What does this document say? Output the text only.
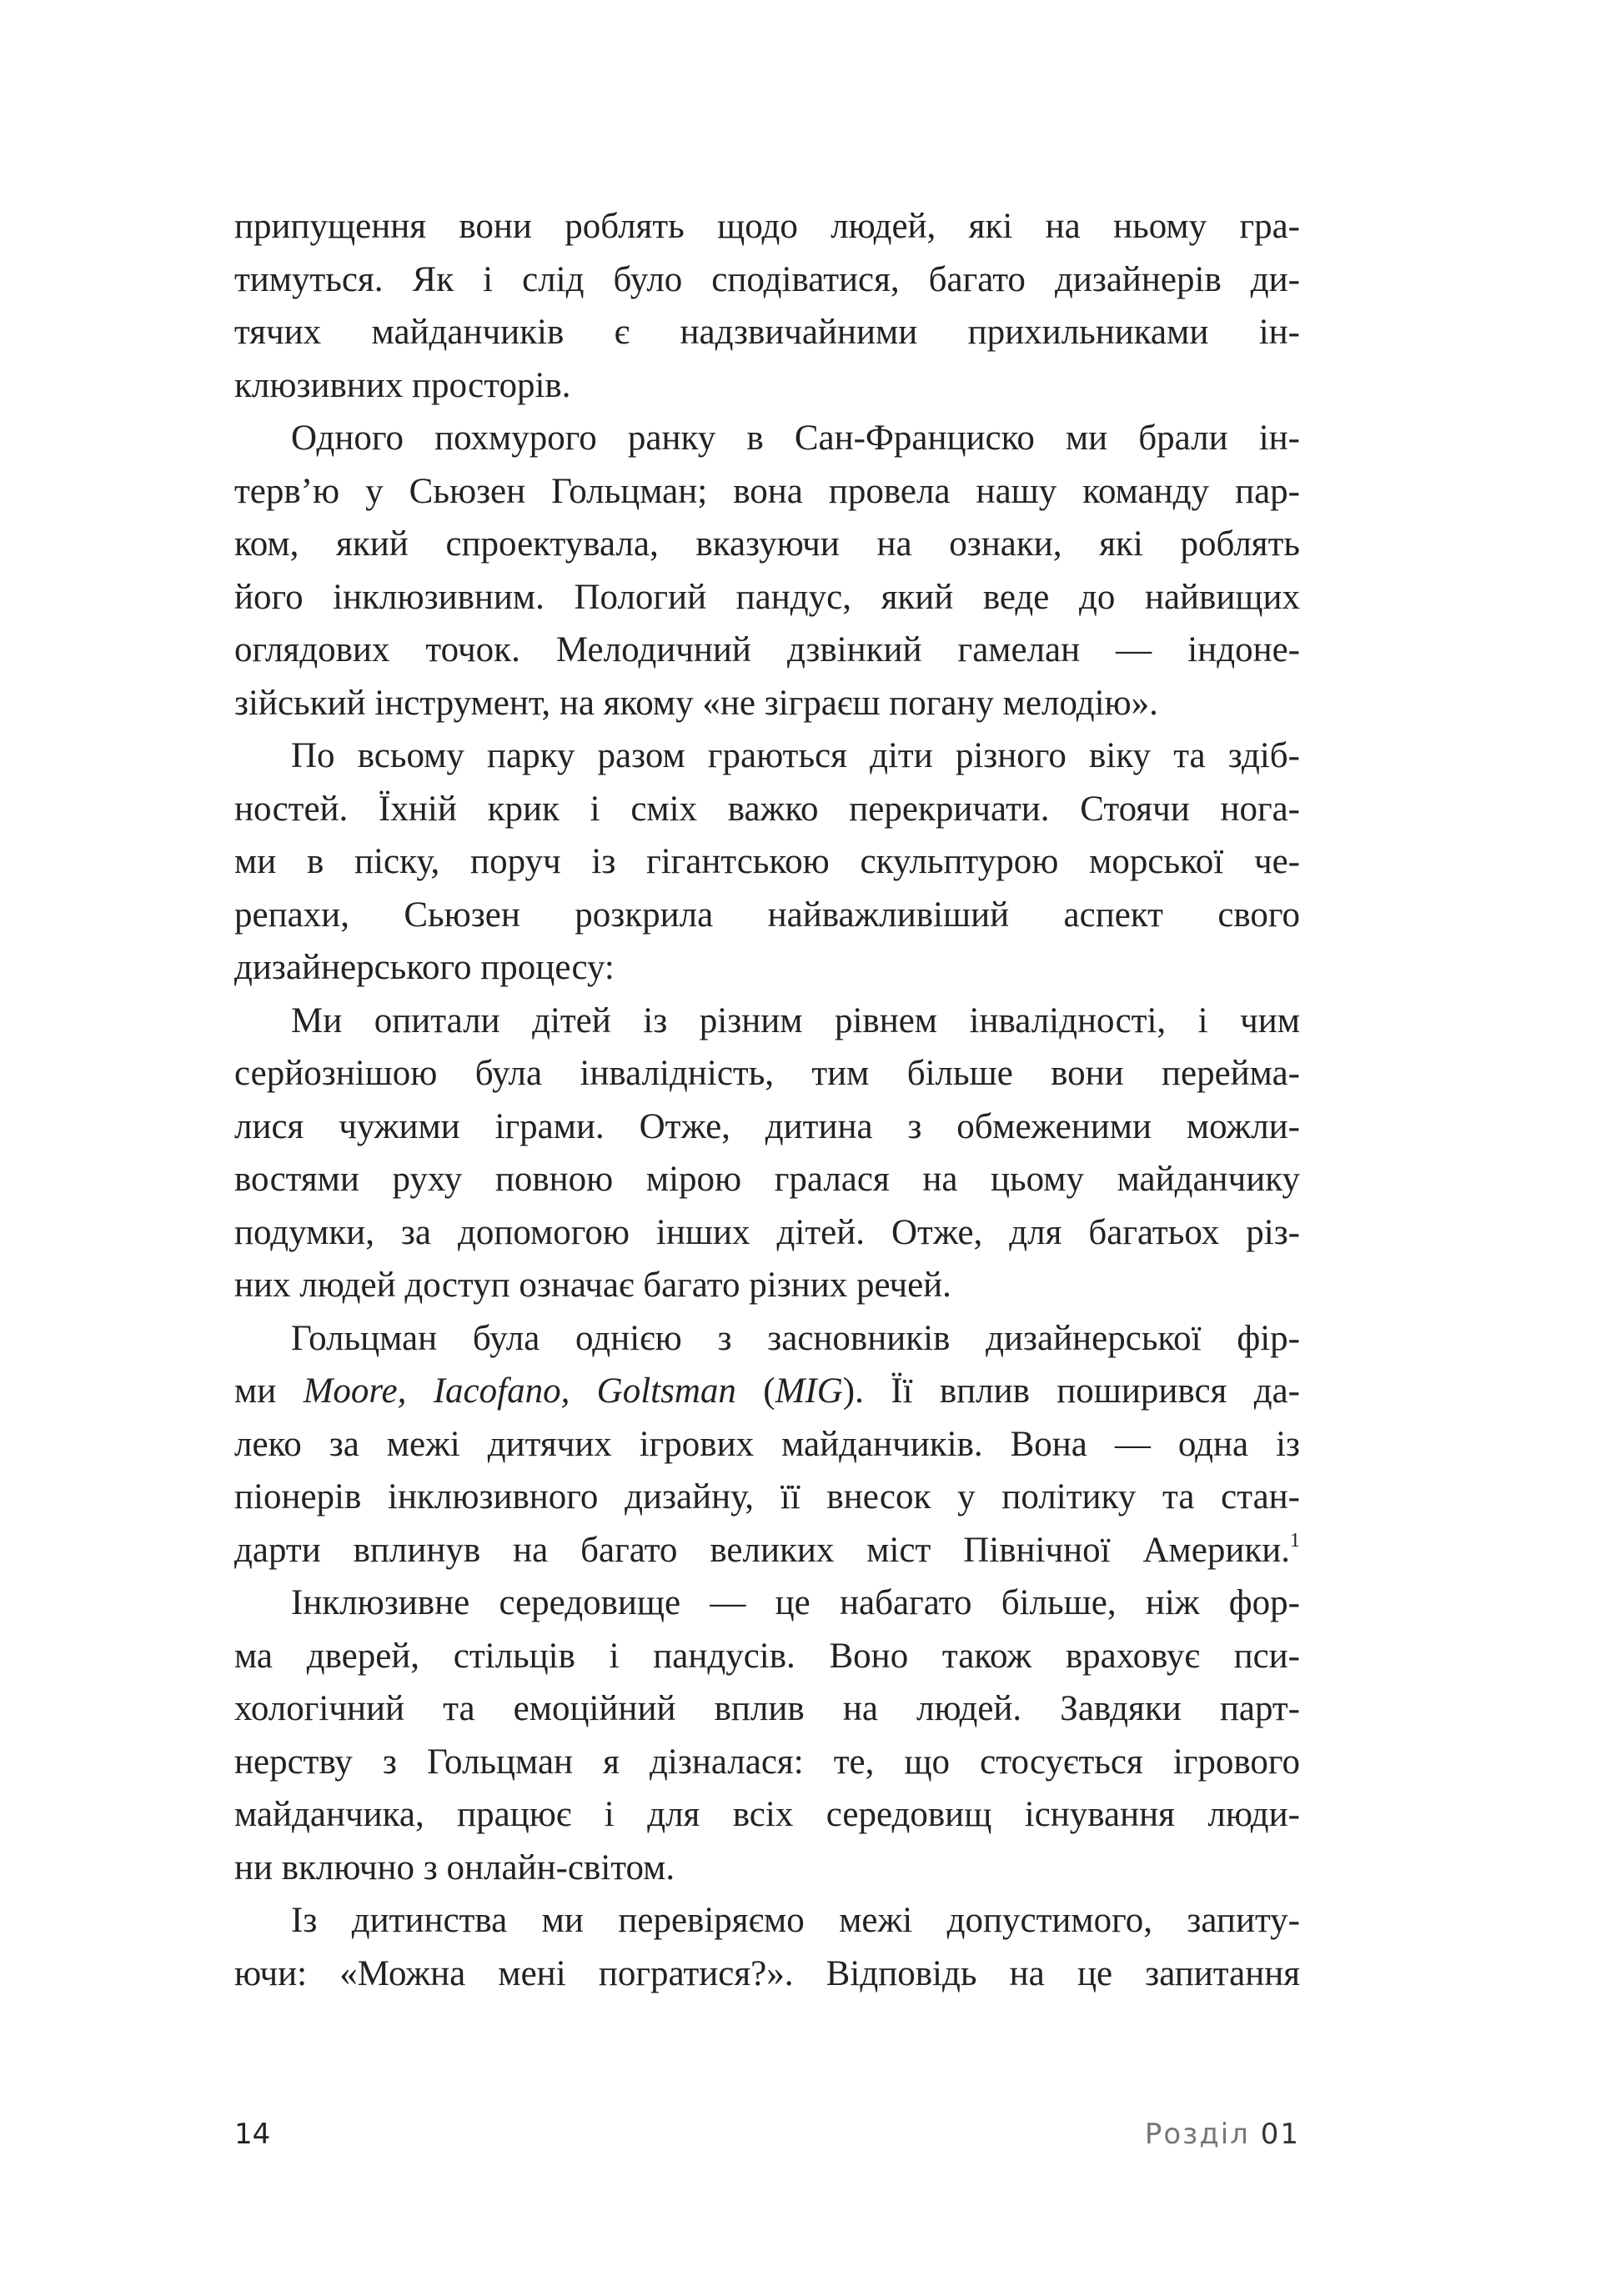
припущення вони роблять щодо людей, які на ньому гра-
тимуться. Як і слід було сподіватися, багато дизайнерів ди-
тячих майданчиків є надзвичайними прихильниками ін-
клюзивних просторів.
Одного похмурого ранку в Сан-Франциско ми брали ін-
терв’ю у Сьюзен Гольцман; вона провела нашу команду пар-
ком, який спроектувала, вказуючи на ознаки, які роблять
його інклюзивним. Пологий пандус, який веде до найвищих
оглядових точок. Мелодичний дзвінкий гамелан — індоне-
зійський інструмент, на якому «не зіграєш погану мелодію».
По всьому парку разом граються діти різного віку та здіб-
ностей. Їхній крик і сміх важко перекричати. Стоячи нога-
ми в піску, поруч із гігантською скульптурою морської че-
репахи, Сьюзен розкрила найважливіший аспект свого
дизайнерського процесу:
Ми опитали дітей із різним рівнем інвалідності, і чим
серйознішою була інвалідність, тим більше вони перейма-
лися чужими іграми. Отже, дитина з обмеженими можли-
востями руху повною мірою гралася на цьому майданчику
подумки, за допомогою інших дітей. Отже, для багатьох різ-
них людей доступ означає багато різних речей.
Гольцман була однією з засновників дизайнерської фір-
ми Moore, Iacofano, Goltsman (MIG). Її вплив поширився да-
леко за межі дитячих ігрових майданчиків. Вона — одна із
піонерів інклюзивного дизайну, її внесок у політику та стан-
дарти вплинув на багато великих міст Північної Америки.$^1$
Інклюзивне середовище — це набагато більше, ніж фор-
ма дверей, стільців і пандусів. Воно також враховує пси-
хологічний та емоційний вплив на людей. Завдяки парт-
нерству з Гольцман я дізналася: те, що стосується ігрового
майданчика, працює і для всіх середовищ існування люди-
ни включно з онлайн-світом.
Із дитинства ми перевіряємо межі допустимого, запиту-
ючи: «Можна мені погратися?». Відповідь на це запитання
14	Розділ 01
